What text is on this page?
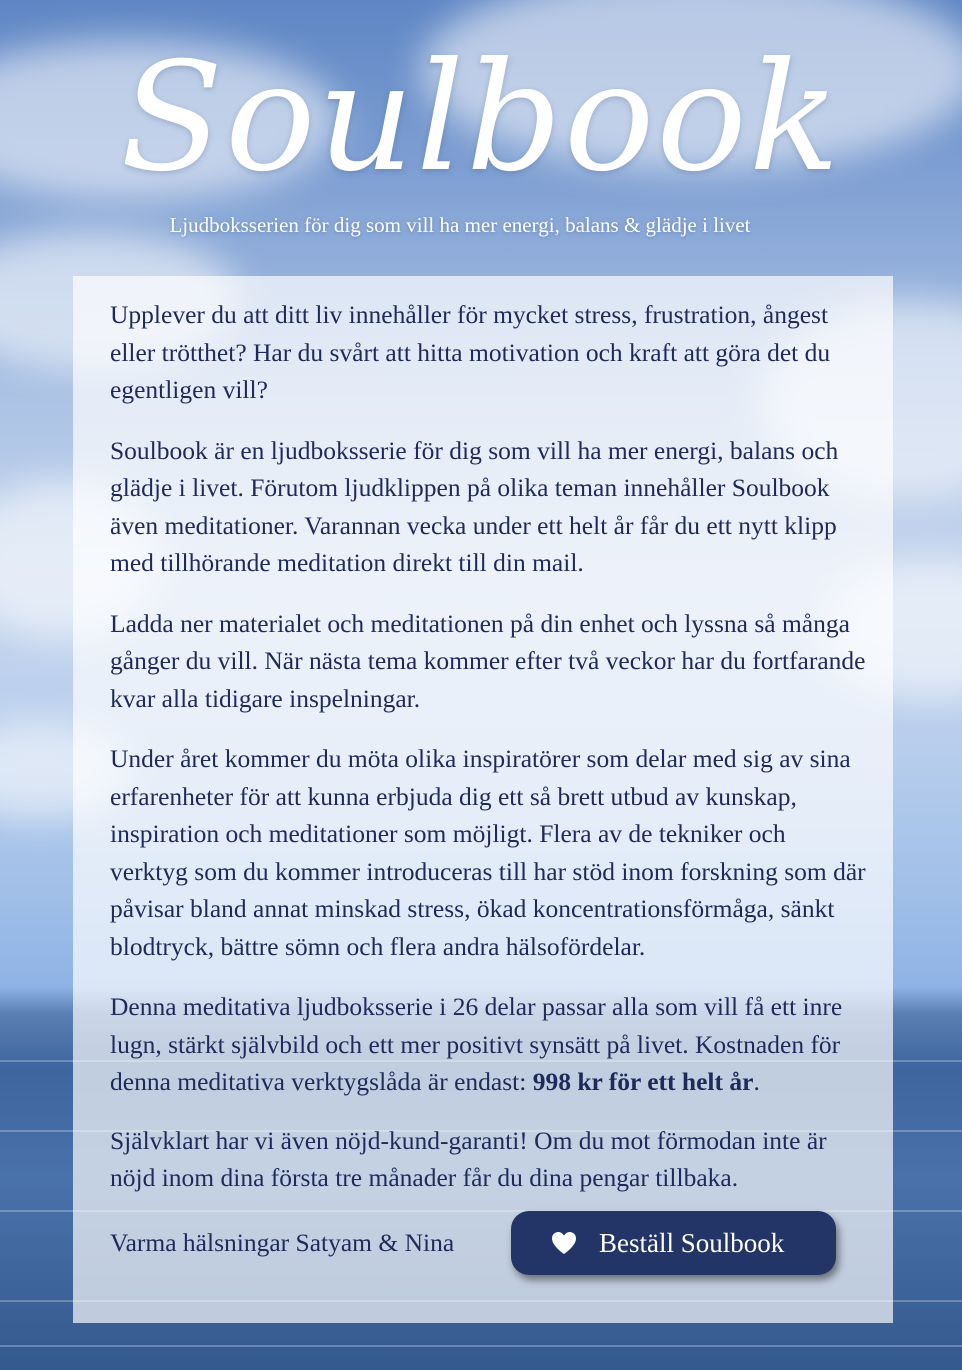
Soulbook
Ljudboksserien för dig som vill ha mer energi, balans & glädje i livet

Upplever du att ditt liv innehåller för mycket stress, frustration, ångest eller trötthet? Har du svårt att hitta motivation och kraft att göra det du egentligen vill?

Soulbook är en ljudboksserie för dig som vill ha mer energi, balans och glädje i livet. Förutom ljudklippen på olika teman innehåller Soulbook även meditationer. Varannan vecka under ett helt år får du ett nytt klipp med tillhörande meditation direkt till din mail.

Ladda ner materialet och meditationen på din enhet och lyssna så många gånger du vill. När nästa tema kommer efter två veckor har du fortfarande kvar alla tidigare inspelningar.

Under året kommer du möta olika inspiratörer som delar med sig av sina erfarenheter för att kunna erbjuda dig ett så brett utbud av kunskap, inspiration och meditationer som möjligt. Flera av de tekniker och verktyg som du kommer introduceras till har stöd inom forskning som där påvisar bland annat minskad stress, ökad koncentrationsförmåga, sänkt blodtryck, bättre sömn och flera andra hälsofördelar.

Denna meditativa ljudboksserie i 26 delar passar alla som vill få ett inre lugn, stärkt självbild och ett mer positivt synsätt på livet. Kostnaden för denna meditativa verktygslåda är endast: 998 kr för ett helt år.

Självklart har vi även nöjd-kund-garanti! Om du mot förmodan inte är nöjd inom dina första tre månader får du dina pengar tillbaka.

Varma hälsningar Satyam & Nina	Beställ Soulbook
